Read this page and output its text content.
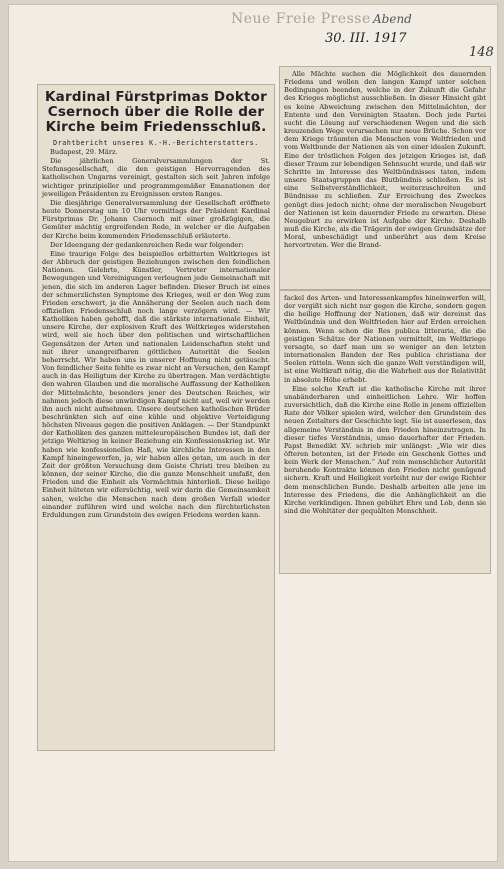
Neue Freie Presse Abend
30. III. 1917
148
Kardinal Fürstprimas Doktor Csernoch über die Rolle der Kirche beim Friedensschluß.
Drahtbericht unseres K.-H.-Berichterstatters.
Budapest, 29. März.

Die jährlichen Generalversammlungen der St. Stefansgesellschaft, die den geistigen Hervorragenden des katholischen Ungarns vereinigt, gestalten sich seit Jahren infolge wichtiger prinzipieller und programmgemäßer Emanationen der jeweiligen Präsidenten zu Ereignissen ersten Ranges.

Die diesjährige Generalversammlung der Gesellschaft eröffnete heute Donnerstag um 10 Uhr vormittags der Präsident Kardinal Fürstprimas Dr. Johann Csernoch mit einer großzügigen, die Gemüter mächtig ergreifenden Rede, in welcher er die Aufgaben der Kirche beim kommenden Friedensschluß erläuterte.

Der Ideengang der gedankenreichen Rede war folgender:

Eine traurige Folge des beispiellos erbitterten Weltkrieges ist der Abbruch der geistigen Beziehungen zwischen den feindlichen Nationen. Gelehrte, Künstler, Vertreter internationaler Bewegungen und Vereinigungen verleugnen jede Gemeinschaft mit jenen, die sich im anderen Lager befinden. Dieser Bruch ist eines der schmerzlichsten Symptome des Krieges, weil er den Weg zum Frieden erschwert, ja die Annäherung der Seelen auch nach dem offiziellen Friedensschluß noch lange verzögern wird. — Wir Katholiken haben gehofft, daß die stärkste internationale Einheit, unsere Kirche, der explosiven Kraft des Weltkrieges widerstehen wird, weil sie hoch über den politischen und wirtschaftlichen Gegensätzen der Arten und nationalen Leidenschaften steht und mit ihrer unangreifbaren göttlichen Autorität die Seelen beherrscht. Wir haben uns in unserer Hoffnung nicht getäuscht. Von feindlicher Seite fehlte es zwar nicht an Versuchen, den Kampf auch in das Heiligtum der Kirche zu übertragen. Man verdächtigte den wahren Glauben und die moralische Auffassung der Katholiken der Mittelmächte, besonders jener des Deutschen Reiches, wir nahmen jedoch diese unwürdigen Kampf nicht auf, weil wir werden ihn auch nicht aufnehmen. Unsere deutschen katholischen Brüder beschränkten sich auf eine kühle und objektive Verteidigung höchsten Niveaus gegen die positiven Anklagen. — Der Standpunkt der Katholiken des ganzen mitteleuropäischen Bundes ist, daß der jetzige Weltkrieg in keiner Beziehung ein Konfessionskrieg ist. Wir haben wie konfessionellen Haß, wie kirchliche Interessen in den Kampf hineingeworfen, ja, wir haben alles getan, um auch in der Zeit der größten Versuchung dem Geiste Christi treu bleiben zu können, der seiner Kirche, die die ganze Menschheit umfaßt, den Frieden und die Einheit als Vermächtnis hinterließ. Diese heilige Einheit hüteten wir eifersüchtig, weil wir darin die Gemeinsamkeit sahen, welche die Menschen nach dem großen Verfall wieder einander zuführen wird und welche nach den fürchterlichsten Erduldungen zum Grundstein des ewigen Friedens werden kann.

Alle Mächte suchen die Möglichkeit des dauernden Friedens und wollen den langen Kampf unter solchen Bedingungen beenden, welche in der Zukunft die Gefahr des Krieges möglichst ausschließen. In dieser Hinsicht gibt es keine Abweichung zwischen den Mittelmächten, der Entente und den Vereinigten Staaten. Doch jede Partei sucht die Lösung auf verschiedenen Wegen und die sich kreuzenden Wege verursachen nur neue Brüche. Schon vor dem Kriege träumten die Menschen vom Weltfrieden und vom Weltbunde der Nationen als von einer idealen Zukunft. Eine der tröstlichen Folgen des jetzigen Krieges ist, daß dieser Traum zur lebendigen Sehnsucht wurde, und daß wir Schritte im Interesse des Weltbündnisses taten, indem unsere Staatsgruppen das Blutbündnis schließen. Es ist eine Selbstverständlichkeit, weiterzuschreiten und Bündnisse zu schließen. Zur Erreichung des Zweckes genügt dies jedoch nicht; ohne der moralischen Neugeburt der Nationen ist kein dauernder Friede zu erwarten. Diese Neugeburt zu erwirken ist Aufgabe der Kirche. Deshalb muß die Kirche, als die Trägerin der ewigen Grundsätze der Moral, unbeschädigt und unberührt aus dem Kreise hervortreten. Wer die Brand-

fackel des Arten- und Interessenkampfes hineinwerfen will, der vergißt sich nicht nur gegen die Kirche, sondern gegen die heilige Hoffnung der Nationen, daß wir dereinst das Weltbündnis und den Weltfrieden hier auf Erden erreichen können. Wenn schon die Res publica litteraria, die die geistigen Schätze der Nationen vermittelt, im Weltkriege versagte, so darf man um so weniger an den letzten internationalen Banden der Res publica christiana der Seelen rütteln. Wenn sich die ganze Welt verständigen will, ist eine Weltkraft nötig, die die Wahrheit aus der Relativität in absolute Höhe erhebt.

Eine solche Kraft ist die katholische Kirche mit ihrer unabänderbaren und einheitlichen Lehre. Wir hoffen zuversichtlich, daß die Kirche eine Rolle in jenem offiziellen Rate der Völker spielen wird, welcher den Grundstein des neuen Zeitalters der Geschichte legt. Sie ist auserlesen, das allgemeine Verständnis in den Frieden hineinzutragen. In dieser tiefes Verständnis, umso dauerhafter der Frieden. Papst Benedikt XV. schrieb mir unlängst: „Wie wir dies öfteren betonten, ist der Friede ein Geschenk Gottes und kein Werk der Menschen.“ Auf rein menschlicher Autorität beruhende Kontrakte können den Frieden nicht genügend sichern. Kraft und Heiligkeit verleiht nur der ewige Richter dem menschlichen Bunde. Deshalb arbeiten alle jene im Interesse des Friedens, die die Anhänglichkeit an die Kirche verkündigen. Ihnen gebührt Ehre und Lob, denn sie sind die Wohltäter der gequälten Menschheit.
